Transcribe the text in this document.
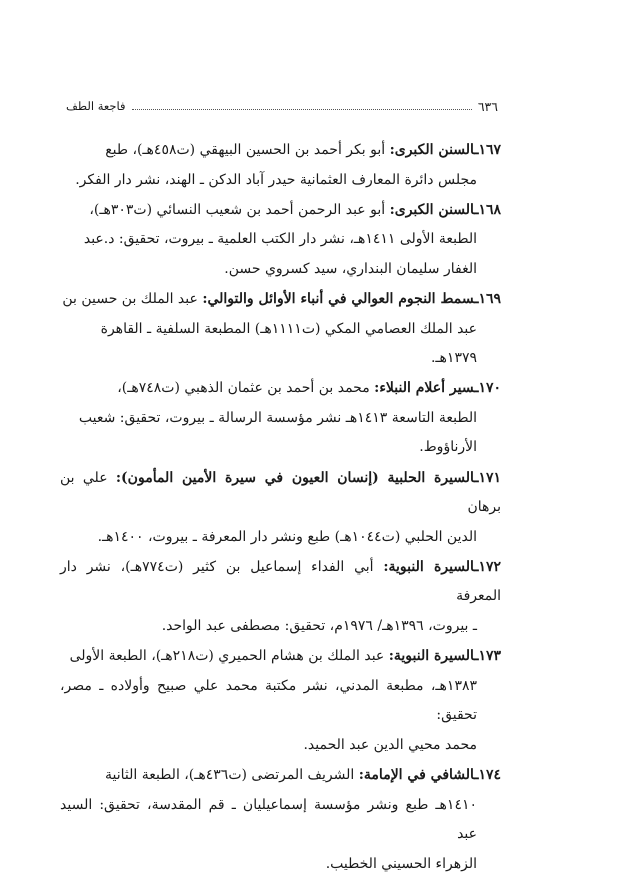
٦٣٦
فاجعة الطف

١٦٧ـالسنن الكبرى: أبو بكر أحمد بن الحسين البيهقي (ت٤٥٨هـ)، طبع

مجلس دائرة المعارف العثمانية حيدر آباد الدكن ـ الهند، نشر دار الفكر.

١٦٨ـالسنن الكبرى: أبو عبد الرحمن أحمد بن شعيب النسائي (ت٣٠٣هـ)،

الطبعة الأولى ١٤١١هـ، نشر دار الكتب العلمية ـ بيروت، تحقيق: د.عبد

الغفار سليمان البنداري، سيد كسروي حسن.

١٦٩ـسمط النجوم العوالي في أنباء الأوائل والتوالي: عبد الملك بن حسين بن

عبد الملك العصامي المكي (ت١١١١هـ) المطبعة السلفية ـ القاهرة

١٣٧٩هـ.

١٧٠ـسير أعلام النبلاء: محمد بن أحمد بن عثمان الذهبي (ت٧٤٨هـ)،

الطبعة التاسعة ١٤١٣هـ نشر مؤسسة الرسالة ـ بيروت، تحقيق: شعيب

الأرناؤوط.

١٧١ـالسيرة الحلبية (إنسان العيون في سيرة الأمين المأمون): علي بن برهان

الدين الحلبي (ت١٠٤٤هـ) طبع ونشر دار المعرفة ـ بيروت، ١٤٠٠هـ.

١٧٢ـالسيرة النبوية: أبي الفداء إسماعيل بن كثير (ت٧٧٤هـ)، نشر دار المعرفة

ـ بيروت، ١٣٩٦هـ/ ١٩٧٦م، تحقيق: مصطفى عبد الواحد.

١٧٣ـالسيرة النبوية: عبد الملك بن هشام الحميري (ت٢١٨هـ)، الطبعة الأولى

١٣٨٣هـ، مطبعة المدني، نشر مكتبة محمد علي صبيح وأولاده ـ مصر، تحقيق:

محمد محيي الدين عبد الحميد.

١٧٤ـالشافي في الإمامة: الشريف المرتضى (ت٤٣٦هـ)، الطبعة الثانية

١٤١٠هـ طبع ونشر مؤسسة إسماعيليان ـ قم المقدسة، تحقيق: السيد عبد

الزهراء الحسيني الخطيب.
